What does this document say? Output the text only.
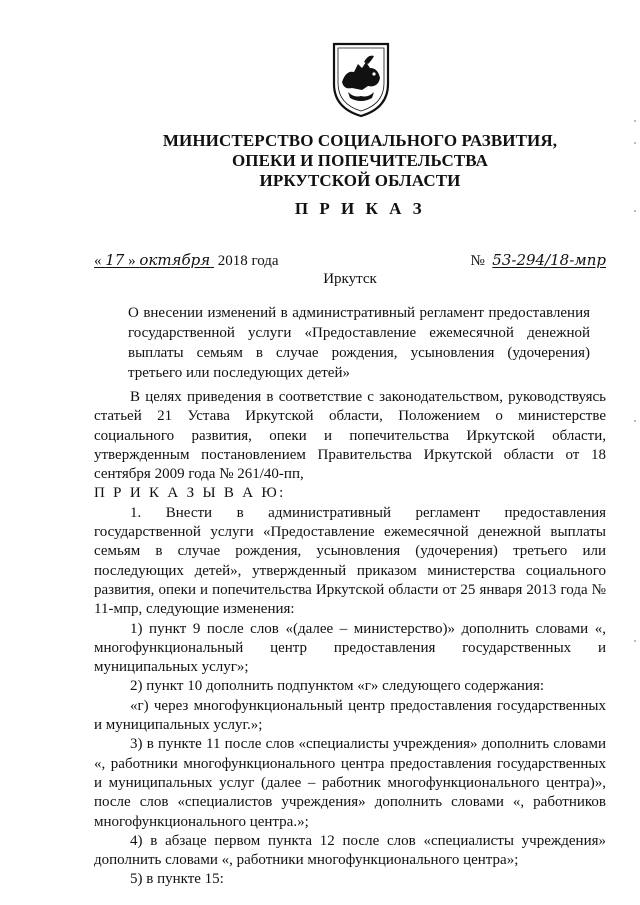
МИНИСТЕРСТВО СОЦИАЛЬНОГО РАЗВИТИЯ,
ОПЕКИ И ПОПЕЧИТЕЛЬСТВА
ИРКУТСКОЙ ОБЛАСТИ
П Р И К А З
« 17 » октября 2018 года	№ 53-294/18-мпр
Иркутск
О внесении изменений в административный регламент предоставления государственной услуги «Предоставление ежемесячной денежной выплаты семьям в случае рождения, усыновления (удочерения) третьего или последующих детей»

В целях приведения в соответствие с законодательством, руководствуясь статьей 21 Устава Иркутской области, Положением о министерстве социального развития, опеки и попечительства Иркутской области, утвержденным постановлением Правительства Иркутской области от 18 сентября 2009 года № 261/40-пп,

П Р И К А З Ы В А Ю:

1. Внести в административный регламент предоставления государственной услуги «Предоставление ежемесячной денежной выплаты семьям в случае рождения, усыновления (удочерения) третьего или последующих детей», утвержденный приказом министерства социального развития, опеки и попечительства Иркутской области от 25 января 2013 года № 11-мпр, следующие изменения:

1) пункт 9 после слов «(далее – министерство)» дополнить словами «, многофункциональный центр предоставления государственных и муниципальных услуг»;

2) пункт 10 дополнить подпунктом «г» следующего содержания:

«г) через многофункциональный центр предоставления государственных и муниципальных услуг.»;

3) в пункте 11 после слов «специалисты учреждения» дополнить словами «, работники многофункционального центра предоставления государственных и муниципальных услуг (далее – работник многофункционального центра)», после слов «специалистов учреждения» дополнить словами «, работников многофункционального центра.»;

4) в абзаце первом пункта 12 после слов «специалисты учреждения» дополнить словами «, работники многофункционального центра»;

5) в пункте 15:
